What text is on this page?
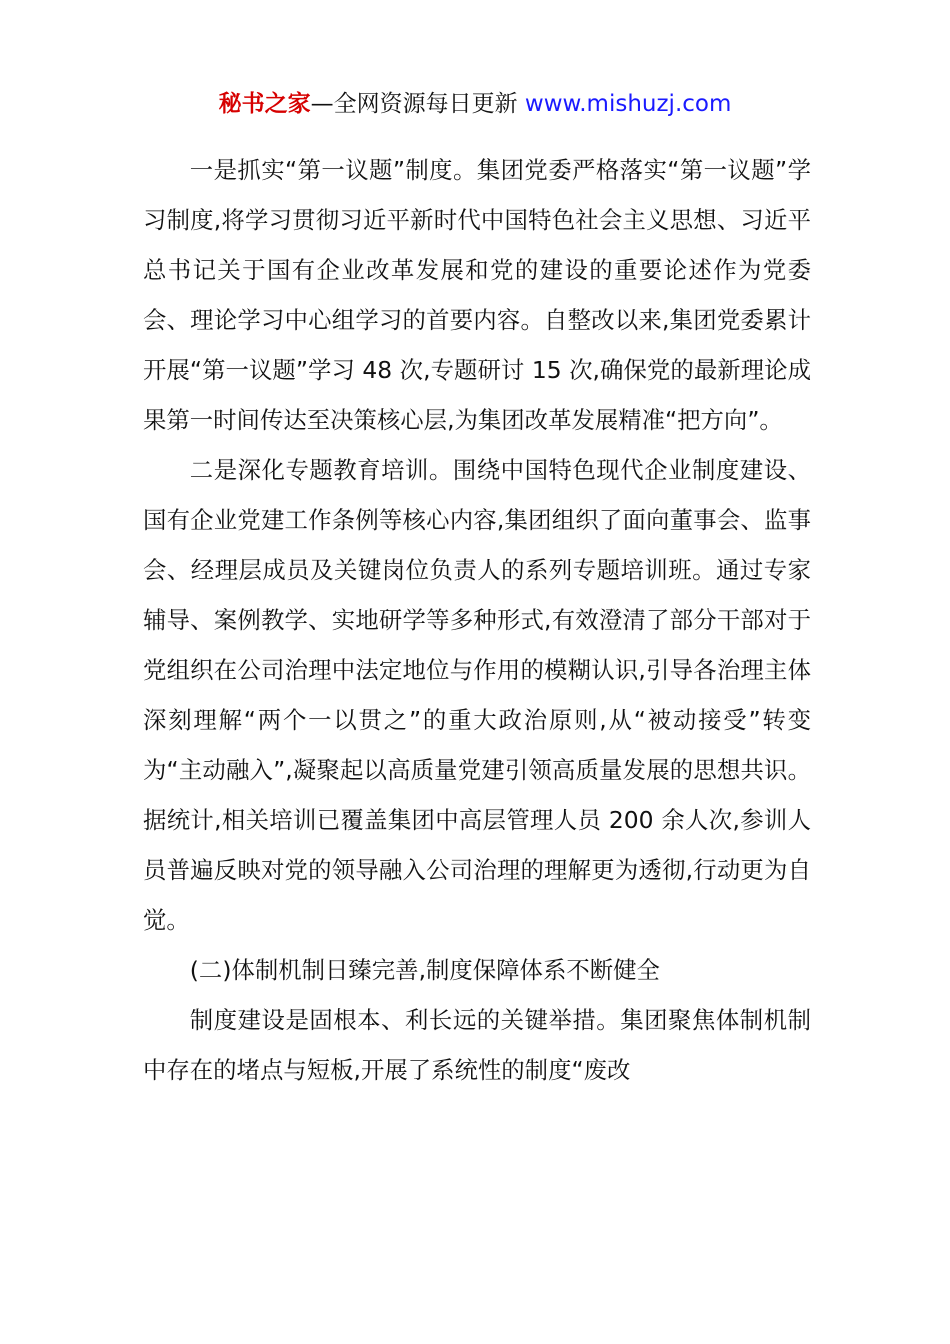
秘书之家—全网资源每日更新 www.mishuzj.com

一是抓实“第一议题”制度。集团党委严格落实“第一议题”学习制度,将学习贯彻习近平新时代中国特色社会主义思想、习近平总书记关于国有企业改革发展和党的建设的重要论述作为党委会、理论学习中心组学习的首要内容。自整改以来,集团党委累计开展“第一议题”学习 48 次,专题研讨 15 次,确保党的最新理论成果第一时间传达至决策核心层,为集团改革发展精准“把方向”。

二是深化专题教育培训。围绕中国特色现代企业制度建设、国有企业党建工作条例等核心内容,集团组织了面向董事会、监事会、经理层成员及关键岗位负责人的系列专题培训班。通过专家辅导、案例教学、实地研学等多种形式,有效澄清了部分干部对于党组织在公司治理中法定地位与作用的模糊认识,引导各治理主体深刻理解“两个一以贯之”的重大政治原则,从“被动接受”转变为“主动融入”,凝聚起以高质量党建引领高质量发展的思想共识。据统计,相关培训已覆盖集团中高层管理人员 200 余人次,参训人员普遍反映对党的领导融入公司治理的理解更为透彻,行动更为自觉。

(二)体制机制日臻完善,制度保障体系不断健全

制度建设是固根本、利长远的关键举措。集团聚焦体制机制中存在的堵点与短板,开展了系统性的制度“废改
